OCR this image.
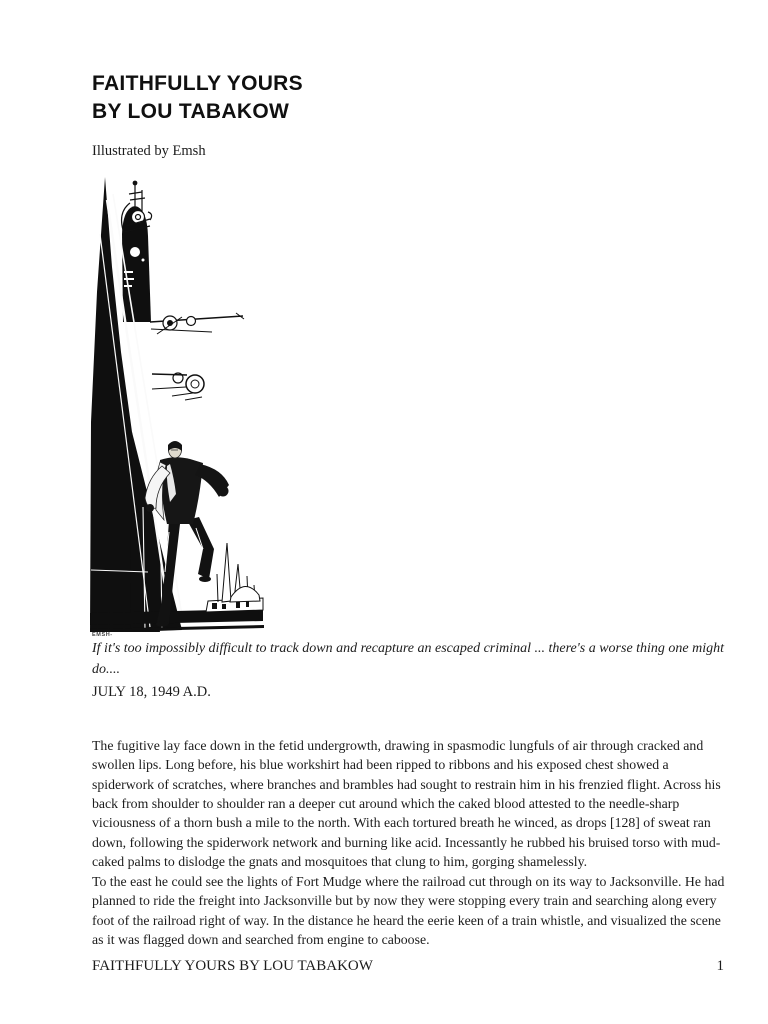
FAITHFULLY YOURS
BY LOU TABAKOW
Illustrated by Emsh
EMSH-
If it's too impossibly difficult to track down and recapture an escaped criminal ... there's a worse thing one might do....
JULY 18, 1949 A.D.

The fugitive lay face down in the fetid undergrowth, drawing in spasmodic lungfuls of air through cracked and swollen lips. Long before, his blue workshirt had been ripped to ribbons and his exposed chest showed a spiderwork of scratches, where branches and brambles had sought to restrain him in his frenzied flight. Across his back from shoulder to shoulder ran a deeper cut around which the caked blood attested to the needle-sharp viciousness of a thorn bush a mile to the north. With each tortured breath he winced, as drops [128] of sweat ran down, following the spiderwork network and burning like acid. Incessantly he rubbed his bruised torso with mud-caked palms to dislodge the gnats and mosquitoes that clung to him, gorging shamelessly.

To the east he could see the lights of Fort Mudge where the railroad cut through on its way to Jacksonville. He had planned to ride the freight into Jacksonville but by now they were stopping every train and searching along every foot of the railroad right of way. In the distance he heard the eerie keen of a train whistle, and visualized the scene as it was flagged down and searched from engine to caboose.

FAITHFULLY YOURS BY LOU TABAKOW	1
